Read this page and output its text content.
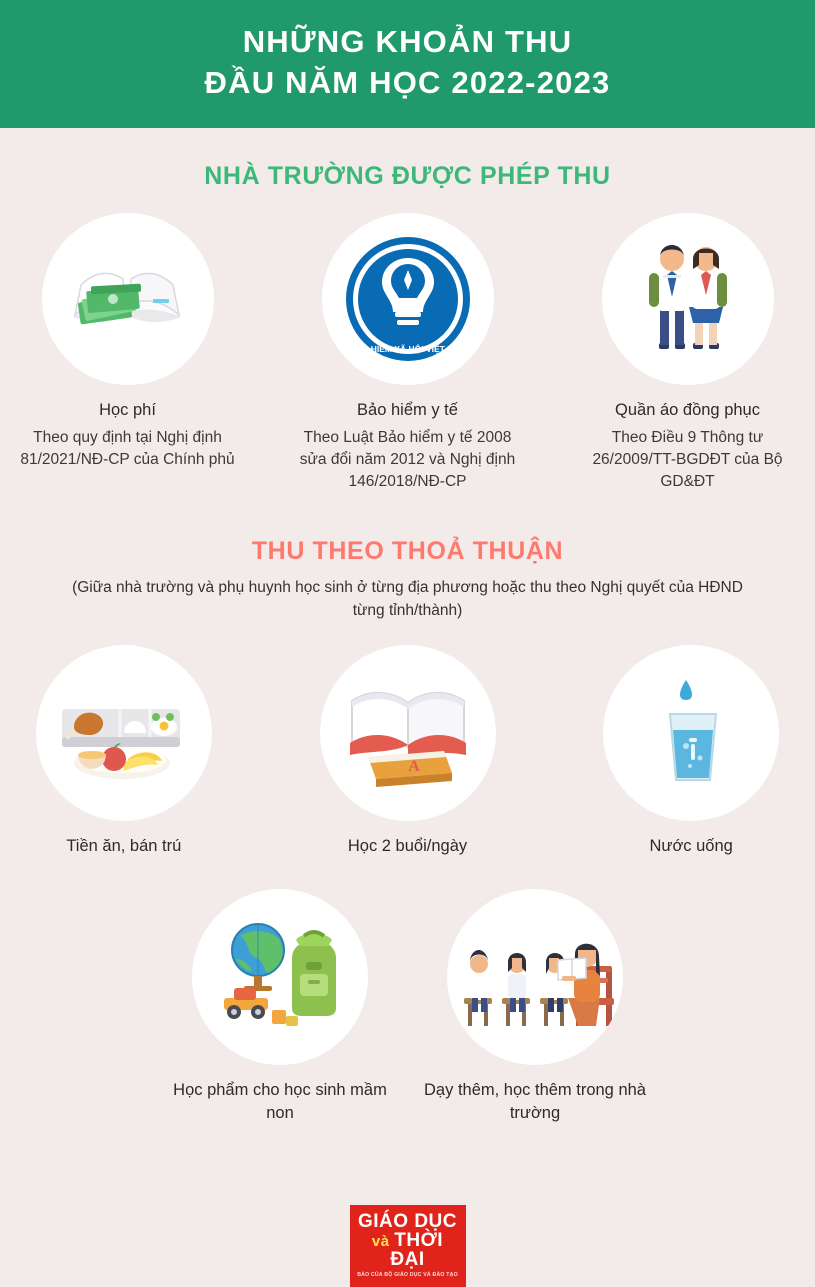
NHỮNG KHOẢN THU
ĐẦU NĂM HỌC 2022-2023
NHÀ TRƯỜNG ĐƯỢC PHÉP THU
Học phí
Theo quy định tại Nghị định 81/2021/NĐ-CP của Chính phủ
BẢO HIỂM XÃ HỘI VIỆT NAM
Bảo hiểm y tế
Theo Luật Bảo hiểm y tế 2008 sửa đổi năm 2012 và Nghị định 146/2018/NĐ-CP
Quần áo đồng phục
Theo Điều 9 Thông tư 26/2009/TT-BGDĐT của Bộ GD&ĐT
THU THEO THOẢ THUẬN
(Giữa nhà trường và phụ huynh học sinh ở từng địa phương hoặc thu theo Nghị quyết của HĐND từng tỉnh/thành)
Tiền ăn, bán trú
A
Học 2 buổi/ngày	Nước uống
Học phẩm cho học sinh mầm non
Dạy thêm, học thêm trong nhà trường
GIÁO DỤC
và THỜI ĐẠI
BÁO CỦA BỘ GIÁO DỤC VÀ ĐÀO TẠO
